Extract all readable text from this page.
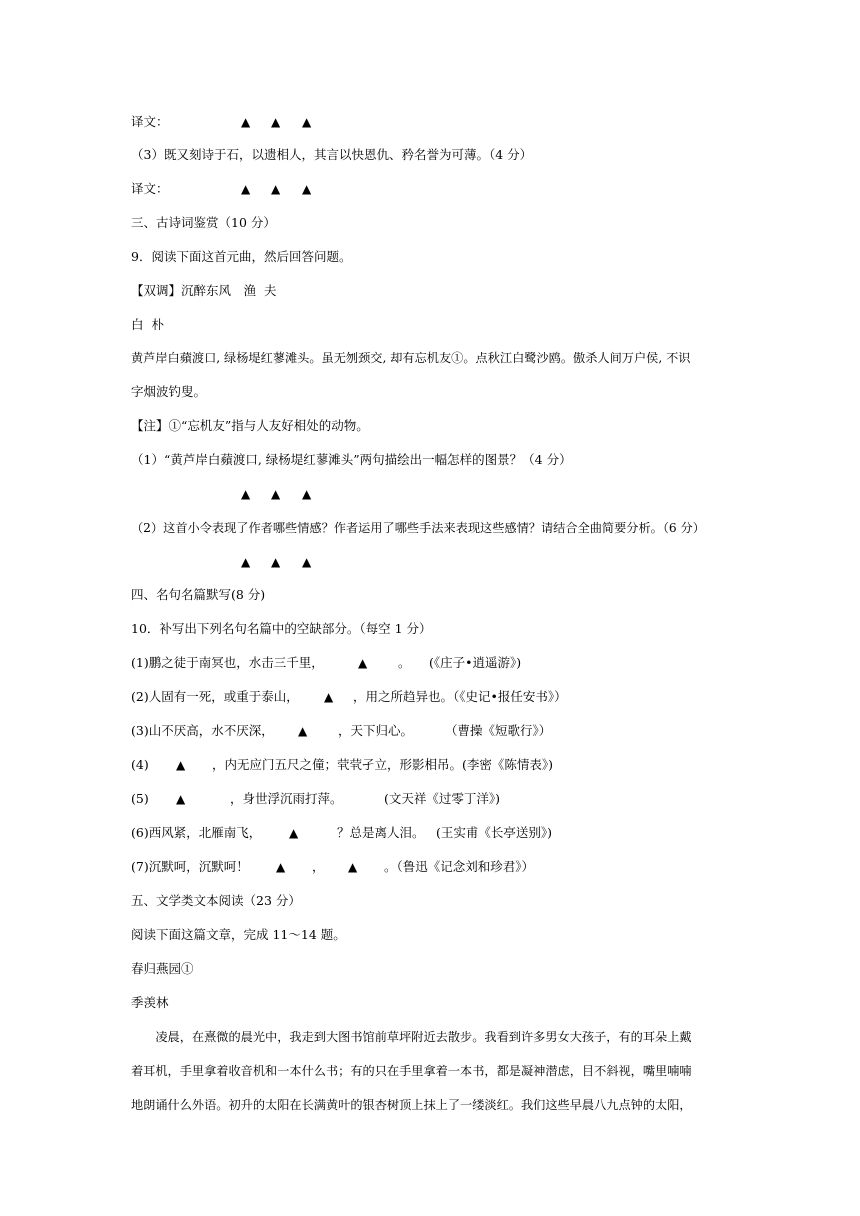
译文：	▲ ▲ ▲
（3）既又刻诗于石，以遗相人，其言以快恩仇、矜名誉为可薄。（4 分）
译文：	▲ ▲ ▲
三、古诗词鉴赏（10 分）
9．阅读下面这首元曲，然后回答问题。
【双调】沉醉东风　渔  夫
白  朴
黄芦岸白蘋渡口, 绿杨堤红蓼滩头。虽无刎颈交, 却有忘机友①。点秋江白鹭沙鸥。傲杀人间万户侯, 不识
字烟波钓叟。
【注】①“忘机友”指与人友好相处的动物。
（1）“黄芦岸白蘋渡口, 绿杨堤红蓼滩头”两句描绘出一幅怎样的图景？（4 分）
▲ ▲ ▲
（2）这首小令表现了作者哪些情感？作者运用了哪些手法来表现这些感情？请结合全曲简要分析。（6 分）
▲ ▲ ▲
四、名句名篇默写(8 分)
10．补写出下列名句名篇中的空缺部分。（每空 1 分）
(1)鹏之徒于南冥也，水击三千里，	▲ 。 (《庄子•逍遥游》)
(2)人固有一死，或重于泰山， ▲ ，用之所趋异也。（《史记•报任安书》）
(3)山不厌高，水不厌深， ▲ ，天下归心。	（曹操《短歌行》）
(4) ▲ ，内无应门五尺之僮；茕茕孑立，形影相吊。(李密《陈情表》)
(5) ▲	，身世浮沉雨打萍。	(文天祥《过零丁洋》)
(6)西风紧，北雁南飞， ▲	？总是离人泪。 (王实甫《长亭送别》)
(7)沉默呵，沉默呵！ ▲ ， ▲ 。（鲁迅《记念刘和珍君》）
五、文学类文本阅读（23 分）
阅读下面这篇文章，完成 11～14 题。
春归燕园①
季羡林
　　凌晨，在熹微的晨光中，我走到大图书馆前草坪附近去散步。我看到许多男女大孩子，有的耳朵上戴
着耳机，手里拿着收音机和一本什么书；有的只在手里拿着一本书，都是凝神潜虑，目不斜视，嘴里喃喃
地朗诵什么外语。初升的太阳在长满黄叶的银杏树顶上抹上了一缕淡红。我们这些早晨八九点钟的太阳，
